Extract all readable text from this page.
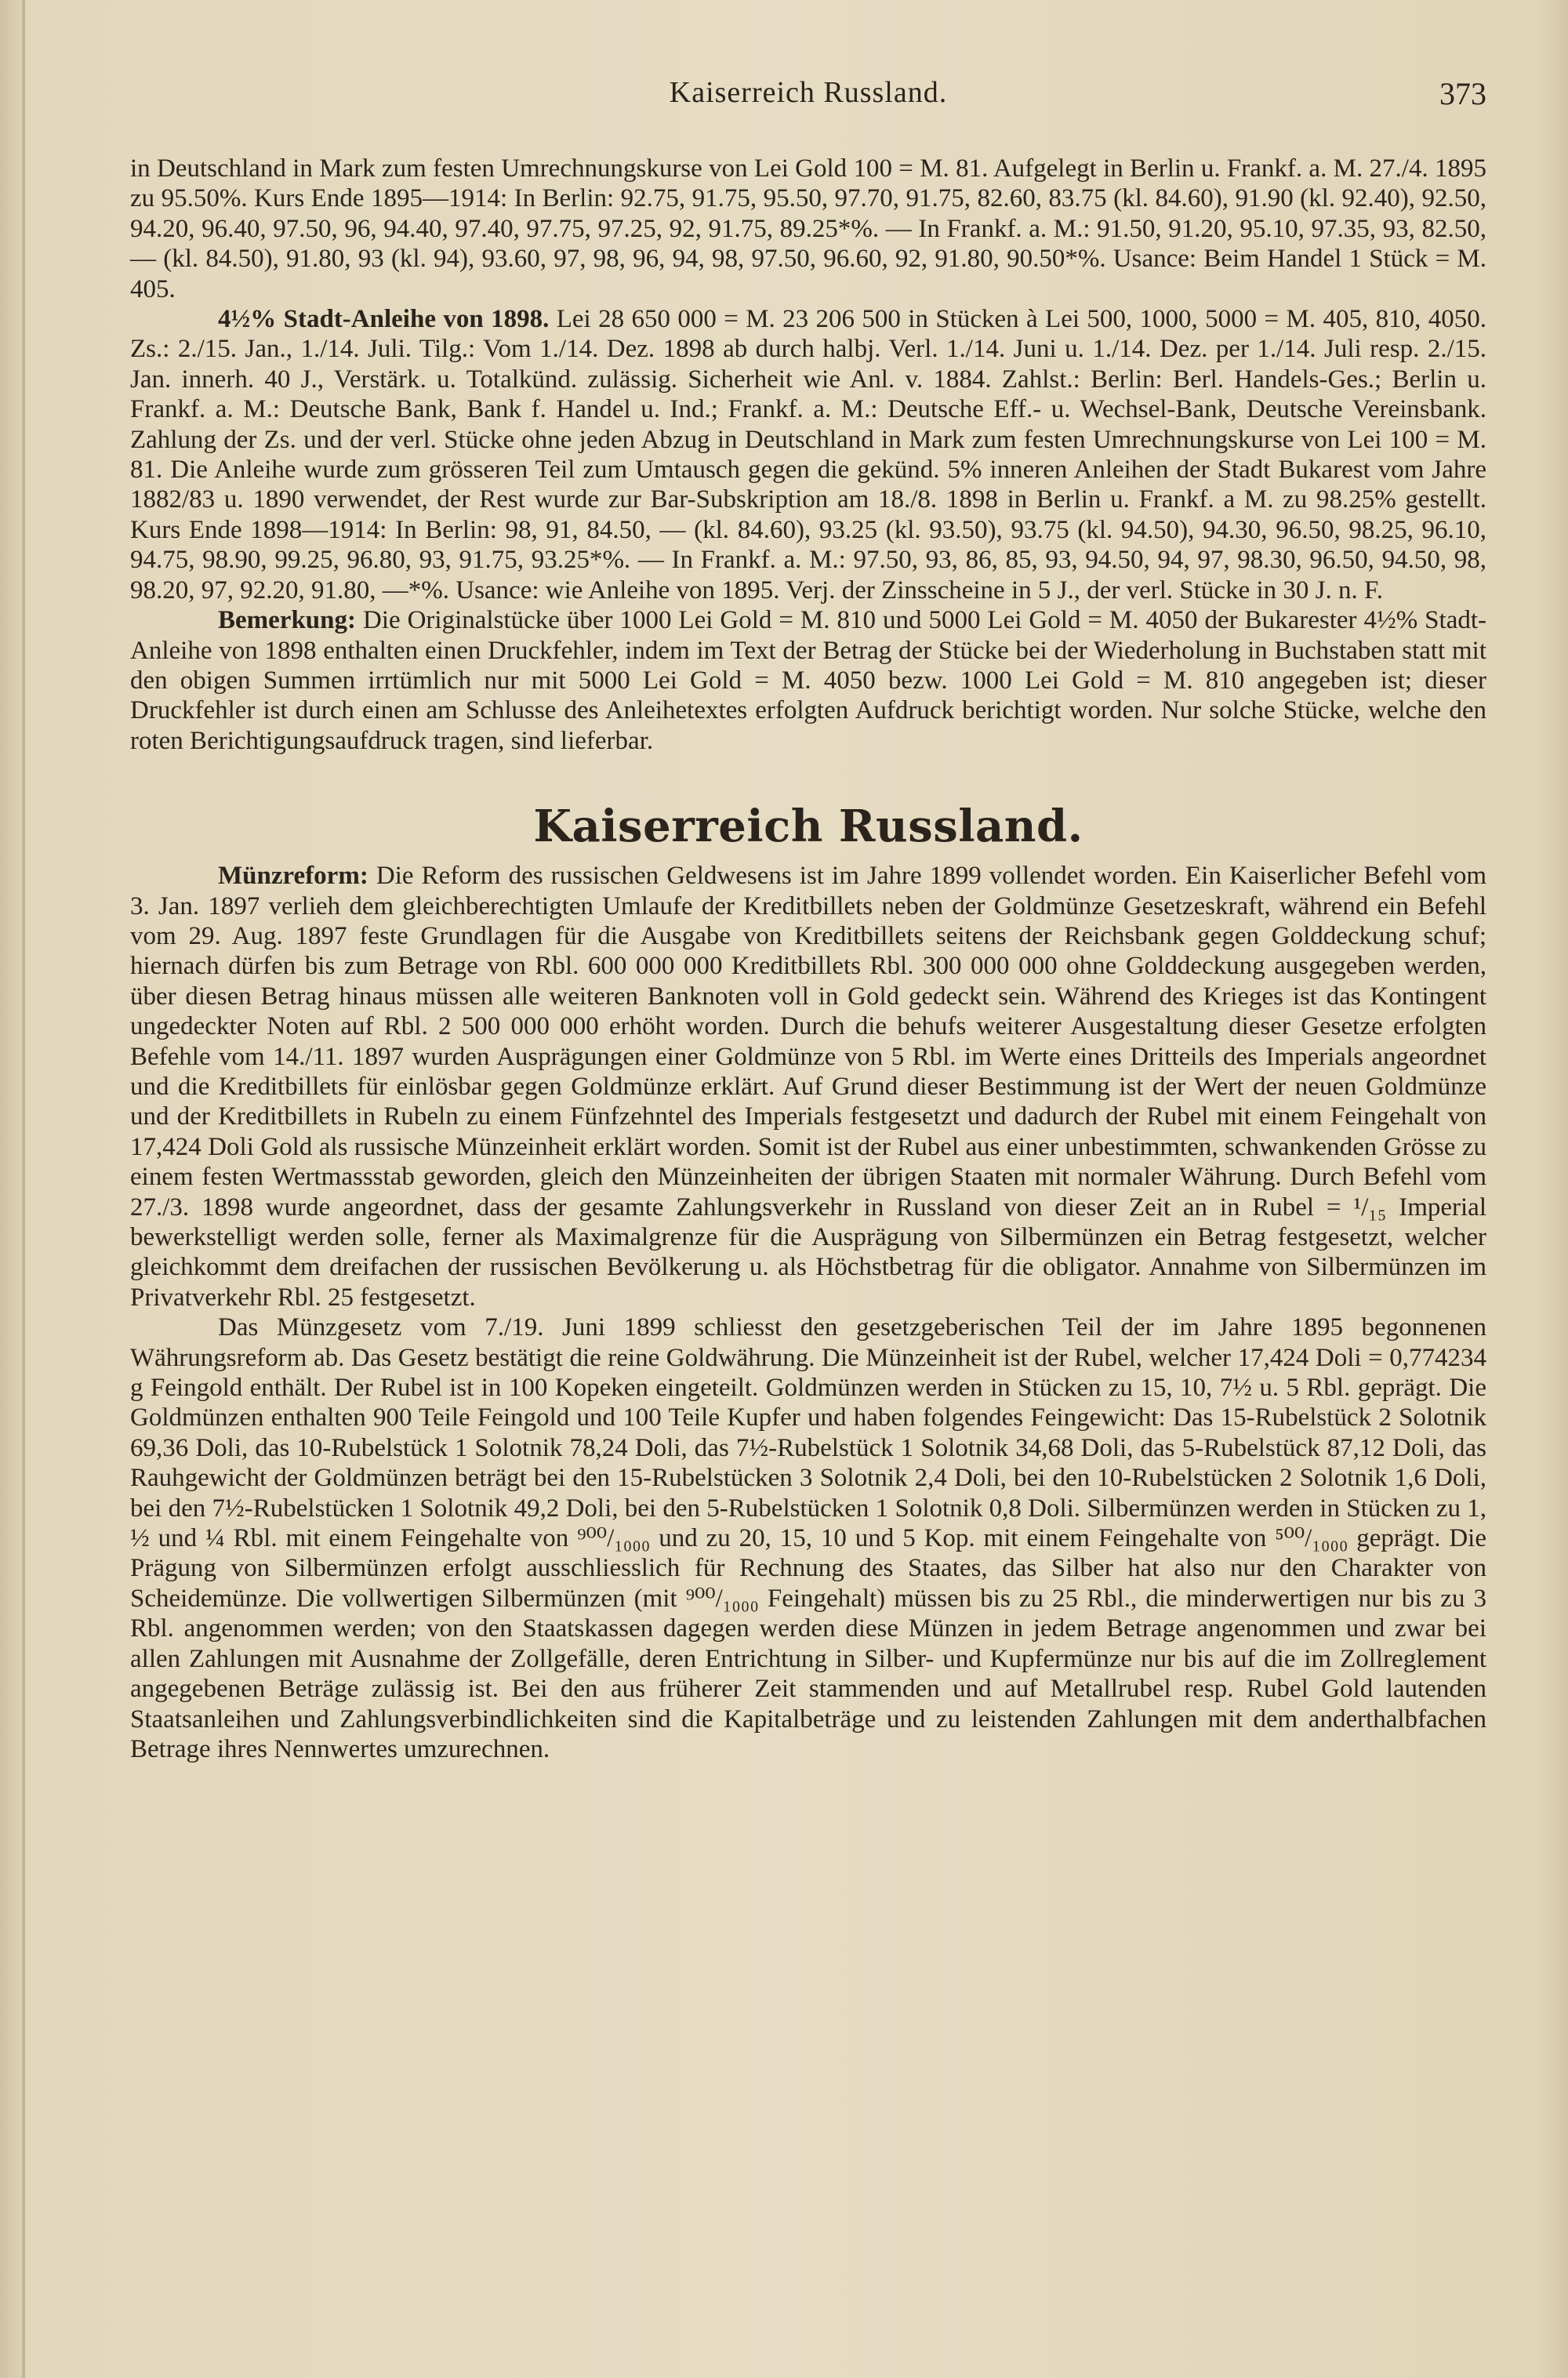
Kaiserreich Russland.	373

in Deutschland in Mark zum festen Umrechnungskurse von Lei Gold 100 = M. 81. Aufgelegt in Berlin u. Frankf. a. M. 27./4. 1895 zu 95.50%. Kurs Ende 1895—1914: In Berlin: 92.75, 91.75, 95.50, 97.70, 91.75, 82.60, 83.75 (kl. 84.60), 91.90 (kl. 92.40), 92.50, 94.20, 96.40, 97.50, 96, 94.40, 97.40, 97.75, 97.25, 92, 91.75, 89.25*%. — In Frankf. a. M.: 91.50, 91.20, 95.10, 97.35, 93, 82.50, — (kl. 84.50), 91.80, 93 (kl. 94), 93.60, 97, 98, 96, 94, 98, 97.50, 96.60, 92, 91.80, 90.50*%. Usance: Beim Handel 1 Stück = M. 405.

4½% Stadt-Anleihe von 1898. Lei 28 650 000 = M. 23 206 500 in Stücken à Lei 500, 1000, 5000 = M. 405, 810, 4050. Zs.: 2./15. Jan., 1./14. Juli. Tilg.: Vom 1./14. Dez. 1898 ab durch halbj. Verl. 1./14. Juni u. 1./14. Dez. per 1./14. Juli resp. 2./15. Jan. innerh. 40 J., Verstärk. u. Totalkünd. zulässig. Sicherheit wie Anl. v. 1884. Zahlst.: Berlin: Berl. Handels-Ges.; Berlin u. Frankf. a. M.: Deutsche Bank, Bank f. Handel u. Ind.; Frankf. a. M.: Deutsche Eff.- u. Wechsel-Bank, Deutsche Vereinsbank. Zahlung der Zs. und der verl. Stücke ohne jeden Abzug in Deutschland in Mark zum festen Umrechnungskurse von Lei 100 = M. 81. Die Anleihe wurde zum grösseren Teil zum Umtausch gegen die gekünd. 5% inneren Anleihen der Stadt Bukarest vom Jahre 1882/83 u. 1890 verwendet, der Rest wurde zur Bar-Subskription am 18./8. 1898 in Berlin u. Frankf. a M. zu 98.25% gestellt. Kurs Ende 1898—1914: In Berlin: 98, 91, 84.50, — (kl. 84.60), 93.25 (kl. 93.50), 93.75 (kl. 94.50), 94.30, 96.50, 98.25, 96.10, 94.75, 98.90, 99.25, 96.80, 93, 91.75, 93.25*%. — In Frankf. a. M.: 97.50, 93, 86, 85, 93, 94.50, 94, 97, 98.30, 96.50, 94.50, 98, 98.20, 97, 92.20, 91.80, —*%. Usance: wie Anleihe von 1895. Verj. der Zinsscheine in 5 J., der verl. Stücke in 30 J. n. F.

Bemerkung: Die Originalstücke über 1000 Lei Gold = M. 810 und 5000 Lei Gold = M. 4050 der Bukarester 4½% Stadt-Anleihe von 1898 enthalten einen Druckfehler, indem im Text der Betrag der Stücke bei der Wiederholung in Buchstaben statt mit den obigen Summen irrtümlich nur mit 5000 Lei Gold = M. 4050 bezw. 1000 Lei Gold = M. 810 angegeben ist; dieser Druckfehler ist durch einen am Schlusse des Anleihetextes erfolgten Aufdruck berichtigt worden. Nur solche Stücke, welche den roten Berichtigungsaufdruck tragen, sind lieferbar.

Kaiserreich Russland.

Münzreform: Die Reform des russischen Geldwesens ist im Jahre 1899 vollendet worden. Ein Kaiserlicher Befehl vom 3. Jan. 1897 verlieh dem gleichberechtigten Umlaufe der Kreditbillets neben der Goldmünze Gesetzeskraft, während ein Befehl vom 29. Aug. 1897 feste Grundlagen für die Ausgabe von Kreditbillets seitens der Reichsbank gegen Golddeckung schuf; hiernach dürfen bis zum Betrage von Rbl. 600 000 000 Kreditbillets Rbl. 300 000 000 ohne Golddeckung ausgegeben werden, über diesen Betrag hinaus müssen alle weiteren Banknoten voll in Gold gedeckt sein. Während des Krieges ist das Kontingent ungedeckter Noten auf Rbl. 2 500 000 000 erhöht worden. Durch die behufs weiterer Ausgestaltung dieser Gesetze erfolgten Befehle vom 14./11. 1897 wurden Ausprägungen einer Goldmünze von 5 Rbl. im Werte eines Dritteils des Imperials angeordnet und die Kreditbillets für einlösbar gegen Goldmünze erklärt. Auf Grund dieser Bestimmung ist der Wert der neuen Goldmünze und der Kreditbillets in Rubeln zu einem Fünfzehntel des Imperials festgesetzt und dadurch der Rubel mit einem Feingehalt von 17,424 Doli Gold als russische Münzeinheit erklärt worden. Somit ist der Rubel aus einer unbestimmten, schwankenden Grösse zu einem festen Wertmassstab geworden, gleich den Münzeinheiten der übrigen Staaten mit normaler Währung. Durch Befehl vom 27./3. 1898 wurde angeordnet, dass der gesamte Zahlungsverkehr in Russland von dieser Zeit an in Rubel = ¹/₁₅ Imperial bewerkstelligt werden solle, ferner als Maximalgrenze für die Ausprägung von Silbermünzen ein Betrag festgesetzt, welcher gleichkommt dem dreifachen der russischen Bevölkerung u. als Höchstbetrag für die obligator. Annahme von Silbermünzen im Privatverkehr Rbl. 25 festgesetzt.

Das Münzgesetz vom 7./19. Juni 1899 schliesst den gesetzgeberischen Teil der im Jahre 1895 begonnenen Währungsreform ab. Das Gesetz bestätigt die reine Goldwährung. Die Münzeinheit ist der Rubel, welcher 17,424 Doli = 0,774234 g Feingold enthält. Der Rubel ist in 100 Kopeken eingeteilt. Goldmünzen werden in Stücken zu 15, 10, 7½ u. 5 Rbl. geprägt. Die Goldmünzen enthalten 900 Teile Feingold und 100 Teile Kupfer und haben folgendes Feingewicht: Das 15-Rubelstück 2 Solotnik 69,36 Doli, das 10-Rubelstück 1 Solotnik 78,24 Doli, das 7½-Rubelstück 1 Solotnik 34,68 Doli, das 5-Rubelstück 87,12 Doli, das Rauhgewicht der Goldmünzen beträgt bei den 15-Rubelstücken 3 Solotnik 2,4 Doli, bei den 10-Rubelstücken 2 Solotnik 1,6 Doli, bei den 7½-Rubelstücken 1 Solotnik 49,2 Doli, bei den 5-Rubelstücken 1 Solotnik 0,8 Doli. Silbermünzen werden in Stücken zu 1, ½ und ¼ Rbl. mit einem Feingehalte von ⁹⁰⁰/₁₀₀₀ und zu 20, 15, 10 und 5 Kop. mit einem Feingehalte von ⁵⁰⁰/₁₀₀₀ geprägt. Die Prägung von Silbermünzen erfolgt ausschliesslich für Rechnung des Staates, das Silber hat also nur den Charakter von Scheidemünze. Die vollwertigen Silbermünzen (mit ⁹⁰⁰/₁₀₀₀ Feingehalt) müssen bis zu 25 Rbl., die minderwertigen nur bis zu 3 Rbl. angenommen werden; von den Staatskassen dagegen werden diese Münzen in jedem Betrage angenommen und zwar bei allen Zahlungen mit Ausnahme der Zollgefälle, deren Entrichtung in Silber- und Kupfermünze nur bis auf die im Zollreglement angegebenen Beträge zulässig ist. Bei den aus früherer Zeit stammenden und auf Metallrubel resp. Rubel Gold lautenden Staatsanleihen und Zahlungsverbindlichkeiten sind die Kapitalbeträge und zu leistenden Zahlungen mit dem anderthalbfachen Betrage ihres Nennwertes umzurechnen.
